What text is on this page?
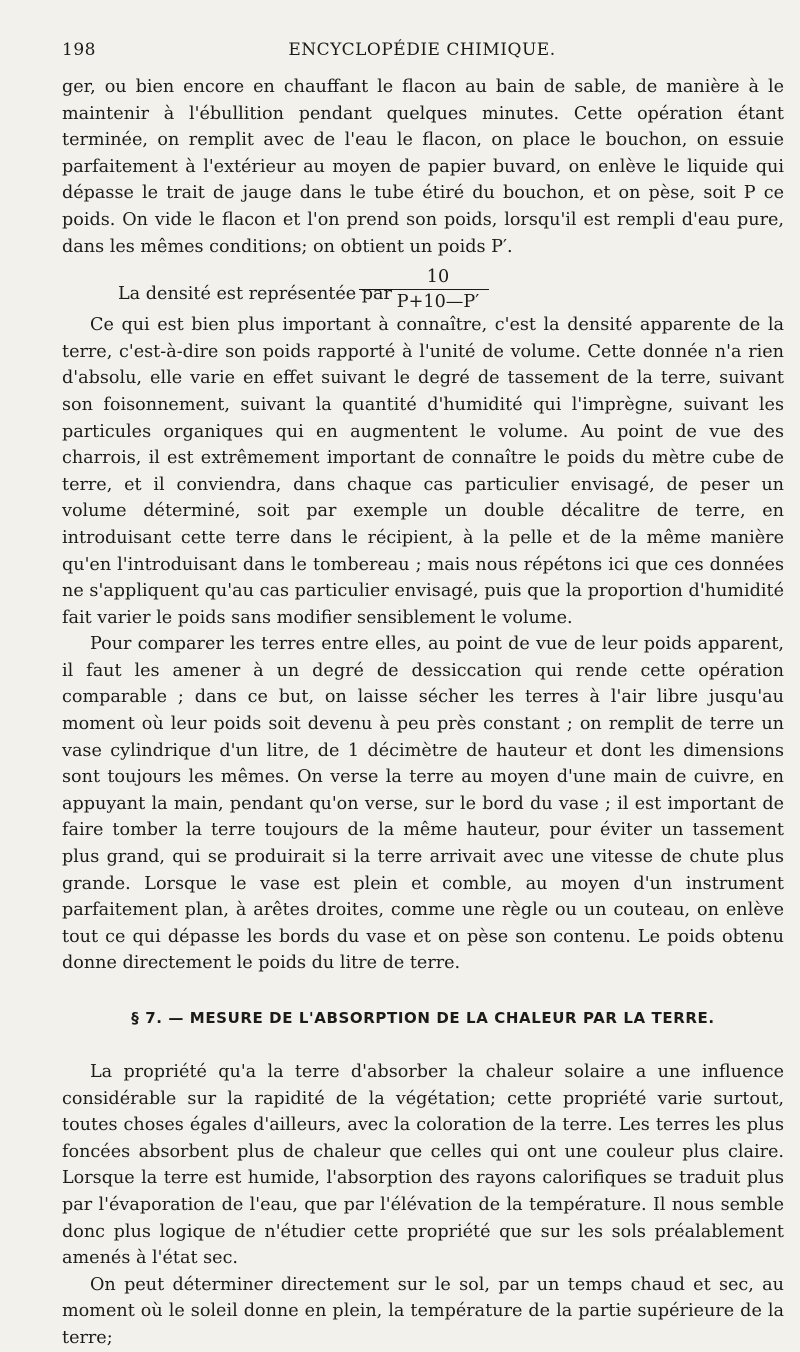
198	ENCYCLOPÉDIE CHIMIQUE.

ger, ou bien encore en chauffant le flacon au bain de sable, de manière à le maintenir à l'ébullition pendant quelques minutes. Cette opération étant terminée, on remplit avec de l'eau le flacon, on place le bouchon, on essuie parfaitement à l'extérieur au moyen de papier buvard, on enlève le liquide qui dépasse le trait de jauge dans le tube étiré du bouchon, et on pèse, soit P ce poids. On vide le flacon et l'on prend son poids, lorsqu'il est rempli d'eau pure, dans les mêmes conditions; on obtient un poids P′.

La densité est représentée par
10
P+10—P′

Ce qui est bien plus important à connaître, c'est la densité apparente de la terre, c'est-à-dire son poids rapporté à l'unité de volume. Cette donnée n'a rien d'absolu, elle varie en effet suivant le degré de tassement de la terre, suivant son foisonnement, suivant la quantité d'humidité qui l'imprègne, suivant les particules organiques qui en augmentent le volume. Au point de vue des charrois, il est extrêmement important de connaître le poids du mètre cube de terre, et il conviendra, dans chaque cas particulier envisagé, de peser un volume déterminé, soit par exemple un double décalitre de terre, en introduisant cette terre dans le récipient, à la pelle et de la même manière qu'en l'introduisant dans le tombereau ; mais nous répétons ici que ces données ne s'appliquent qu'au cas particulier envisagé, puis que la proportion d'humidité fait varier le poids sans modifier sensiblement le volume.

Pour comparer les terres entre elles, au point de vue de leur poids apparent, il faut les amener à un degré de dessiccation qui rende cette opération comparable ; dans ce but, on laisse sécher les terres à l'air libre jusqu'au moment où leur poids soit devenu à peu près constant ; on remplit de terre un vase cylindrique d'un litre, de 1 décimètre de hauteur et dont les dimensions sont toujours les mêmes. On verse la terre au moyen d'une main de cuivre, en appuyant la main, pendant qu'on verse, sur le bord du vase ; il est important de faire tomber la terre toujours de la même hauteur, pour éviter un tassement plus grand, qui se produirait si la terre arrivait avec une vitesse de chute plus grande. Lorsque le vase est plein et comble, au moyen d'un instrument parfaitement plan, à arêtes droites, comme une règle ou un couteau, on enlève tout ce qui dépasse les bords du vase et on pèse son contenu. Le poids obtenu donne directement le poids du litre de terre.

§ 7. — MESURE DE L'ABSORPTION DE LA CHALEUR PAR LA TERRE.

La propriété qu'a la terre d'absorber la chaleur solaire a une influence considérable sur la rapidité de la végétation; cette propriété varie surtout, toutes choses égales d'ailleurs, avec la coloration de la terre. Les terres les plus foncées absorbent plus de chaleur que celles qui ont une couleur plus claire. Lorsque la terre est humide, l'absorption des rayons calorifiques se traduit plus par l'évaporation de l'eau, que par l'élévation de la température. Il nous semble donc plus logique de n'étudier cette propriété que sur les sols préalablement amenés à l'état sec.

On peut déterminer directement sur le sol, par un temps chaud et sec, au moment où le soleil donne en plein, la température de la partie supérieure de la terre;
